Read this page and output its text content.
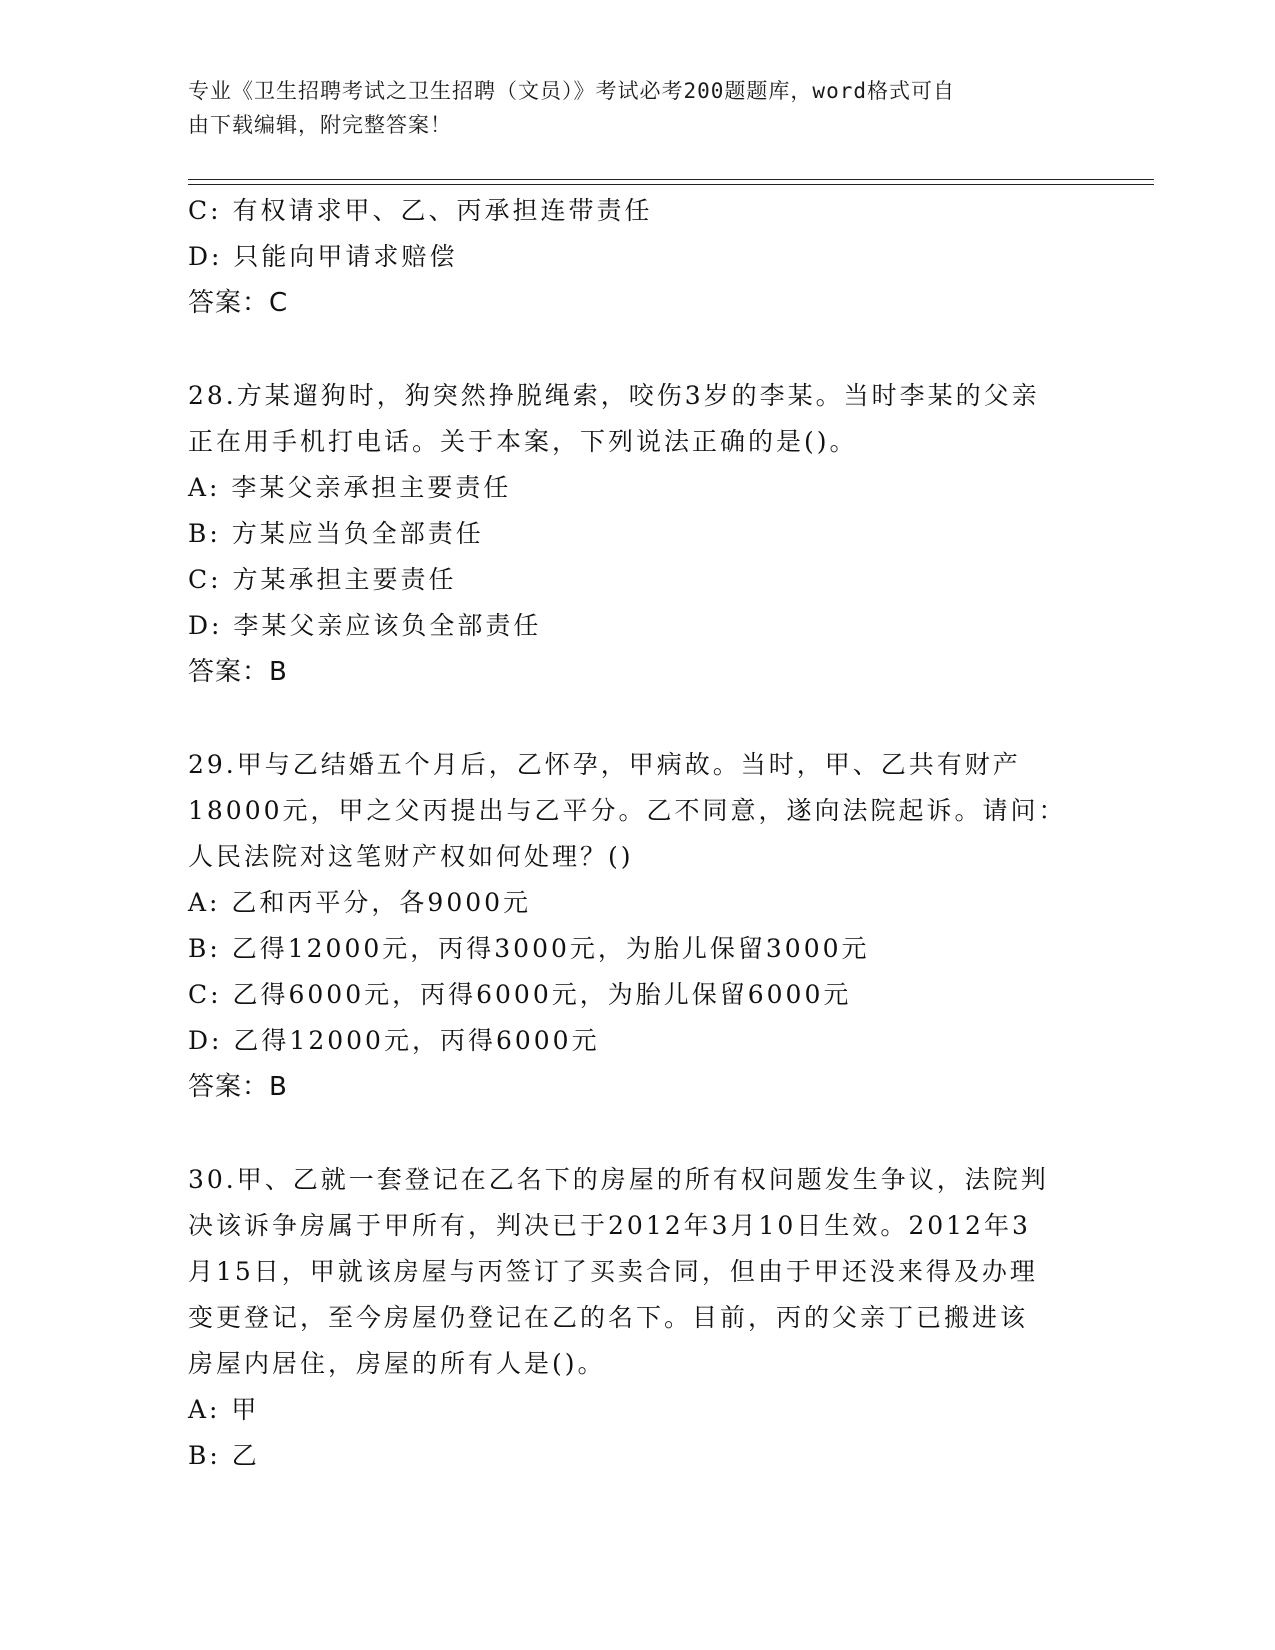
专业《卫生招聘考试之卫生招聘（文员）》考试必考200题题库，word格式可自
由下载编辑，附完整答案！
C: 有权请求甲、乙、丙承担连带责任
D: 只能向甲请求赔偿
答案：C
28.方某遛狗时，狗突然挣脱绳索，咬伤3岁的李某。当时李某的父亲
正在用手机打电话。关于本案，下列说法正确的是()。
A: 李某父亲承担主要责任
B: 方某应当负全部责任
C: 方某承担主要责任
D: 李某父亲应该负全部责任
答案：B
29.甲与乙结婚五个月后，乙怀孕，甲病故。当时，甲、乙共有财产
18000元，甲之父丙提出与乙平分。乙不同意，遂向法院起诉。请问：
人民法院对这笔财产权如何处理？()
A: 乙和丙平分，各9000元
B: 乙得12000元，丙得3000元，为胎儿保留3000元
C: 乙得6000元，丙得6000元，为胎儿保留6000元
D: 乙得12000元，丙得6000元
答案：B
30.甲、乙就一套登记在乙名下的房屋的所有权问题发生争议，法院判
决该诉争房属于甲所有，判决已于2012年3月10日生效。2012年3
月15日，甲就该房屋与丙签订了买卖合同，但由于甲还没来得及办理
变更登记，至今房屋仍登记在乙的名下。目前，丙的父亲丁已搬进该
房屋内居住，房屋的所有人是()。
A: 甲
B: 乙
